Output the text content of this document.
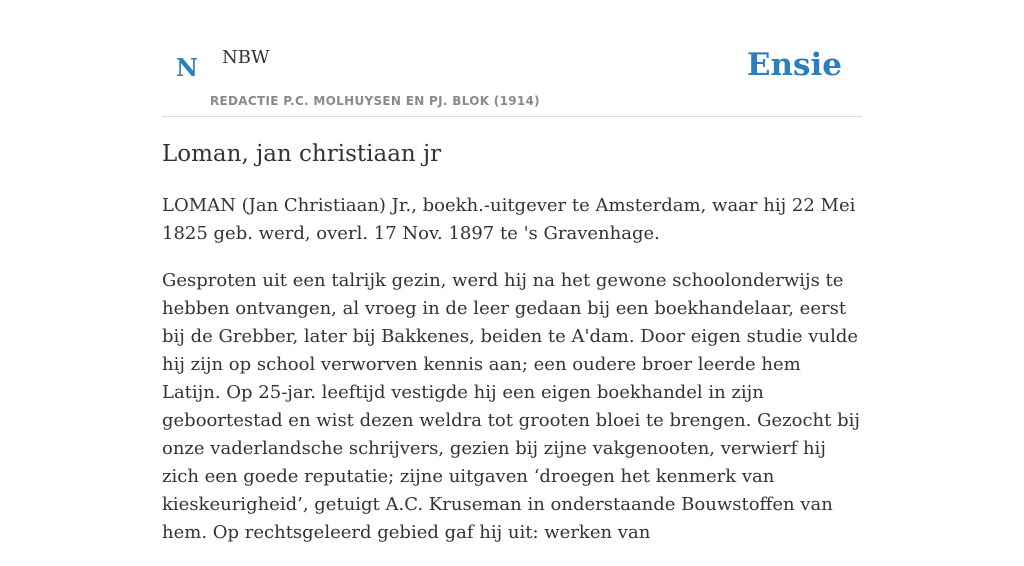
N NBW
REDACTIE P.C. MOLHUYSEN EN PJ. BLOK (1914)
Ensie
Loman, jan christiaan jr

LOMAN (Jan Christiaan) Jr., boekh.-uitgever te Amsterdam, waar hij 22 Mei 1825 geb. werd, overl. 17 Nov. 1897 te 's Gravenhage.

Gesproten uit een talrijk gezin, werd hij na het gewone schoolonderwijs te hebben ontvangen, al vroeg in de leer gedaan bij een boekhandelaar, eerst bij de Grebber, later bij Bakkenes, beiden te A'dam. Door eigen studie vulde hij zijn op school verworven kennis aan; een oudere broer leerde hem Latijn. Op 25-jar. leeftijd vestigde hij een eigen boekhandel in zijn geboortestad en wist dezen weldra tot grooten bloei te brengen. Gezocht bij onze vaderlandsche schrijvers, gezien bij zijne vakgenooten, verwierf hij zich een goede reputatie; zijne uitgaven ‘droegen het kenmerk van kieskeurigheid’, getuigt A.C. Kruseman in onderstaande Bouwstoffen van hem. Op rechtsgeleerd gebied gaf hij uit: werken van
